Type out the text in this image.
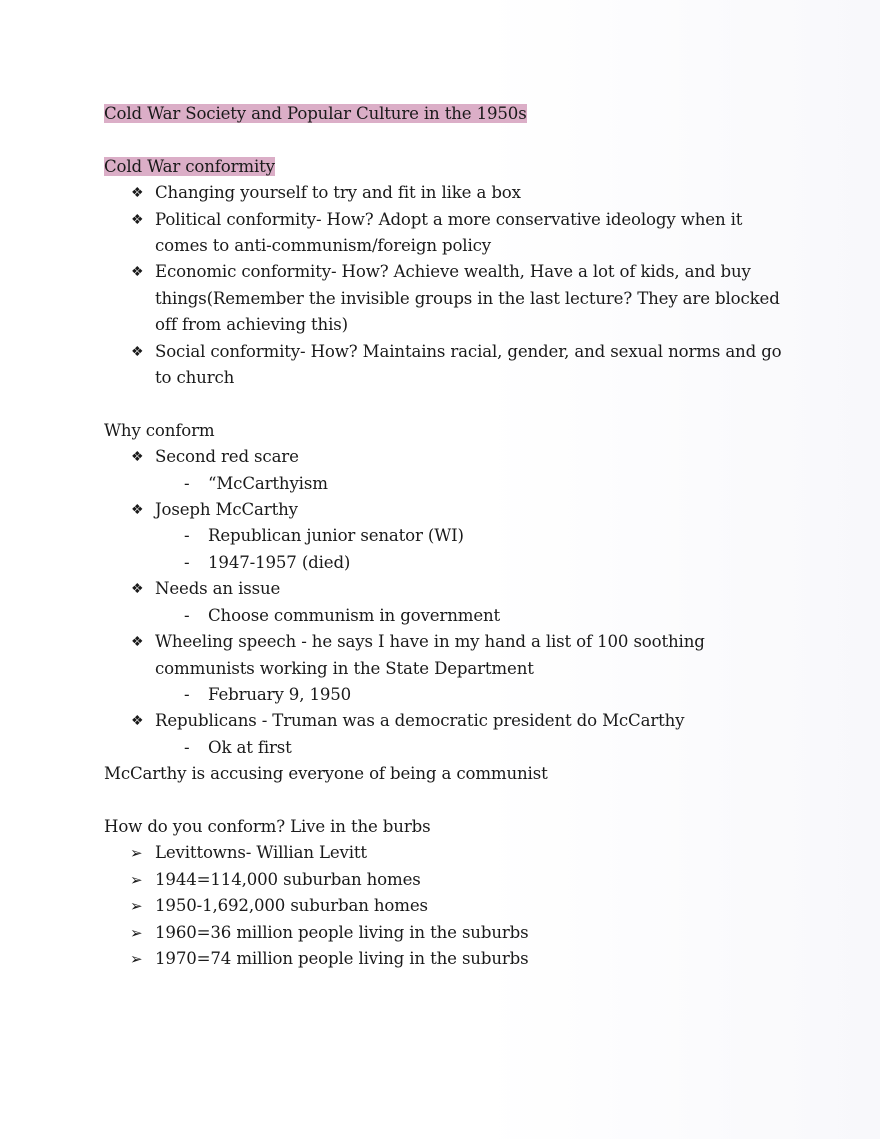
Cold War Society and Popular Culture in the 1950s
Cold War conformity
❖ Changing yourself to try and fit in like a box
❖ Political conformity- How? Adopt a more conservative ideology when it comes to anti-communism/foreign policy
❖ Economic conformity- How? Achieve wealth, Have a lot of kids, and buy things(Remember the invisible groups in the last lecture? They are blocked off from achieving this)
❖ Social conformity- How? Maintains racial, gender, and sexual norms and go to church
Why conform
❖ Second red scare
- “McCarthyism
❖ Joseph McCarthy
- Republican junior senator (WI)
- 1947-1957 (died)
❖ Needs an issue
- Choose communism in government
❖ Wheeling speech - he says I have in my hand a list of 100 soothing communists working in the State Department
- February 9, 1950
❖ Republicans - Truman was a democratic president do McCarthy
- Ok at first
McCarthy is accusing everyone of being a communist
How do you conform? Live in the burbs
➢ Levittowns- Willian Levitt
➢ 1944=114,000 suburban homes
➢ 1950-1,692,000 suburban homes
➢ 1960=36 million people living in the suburbs
➢ 1970=74 million people living in the suburbs
